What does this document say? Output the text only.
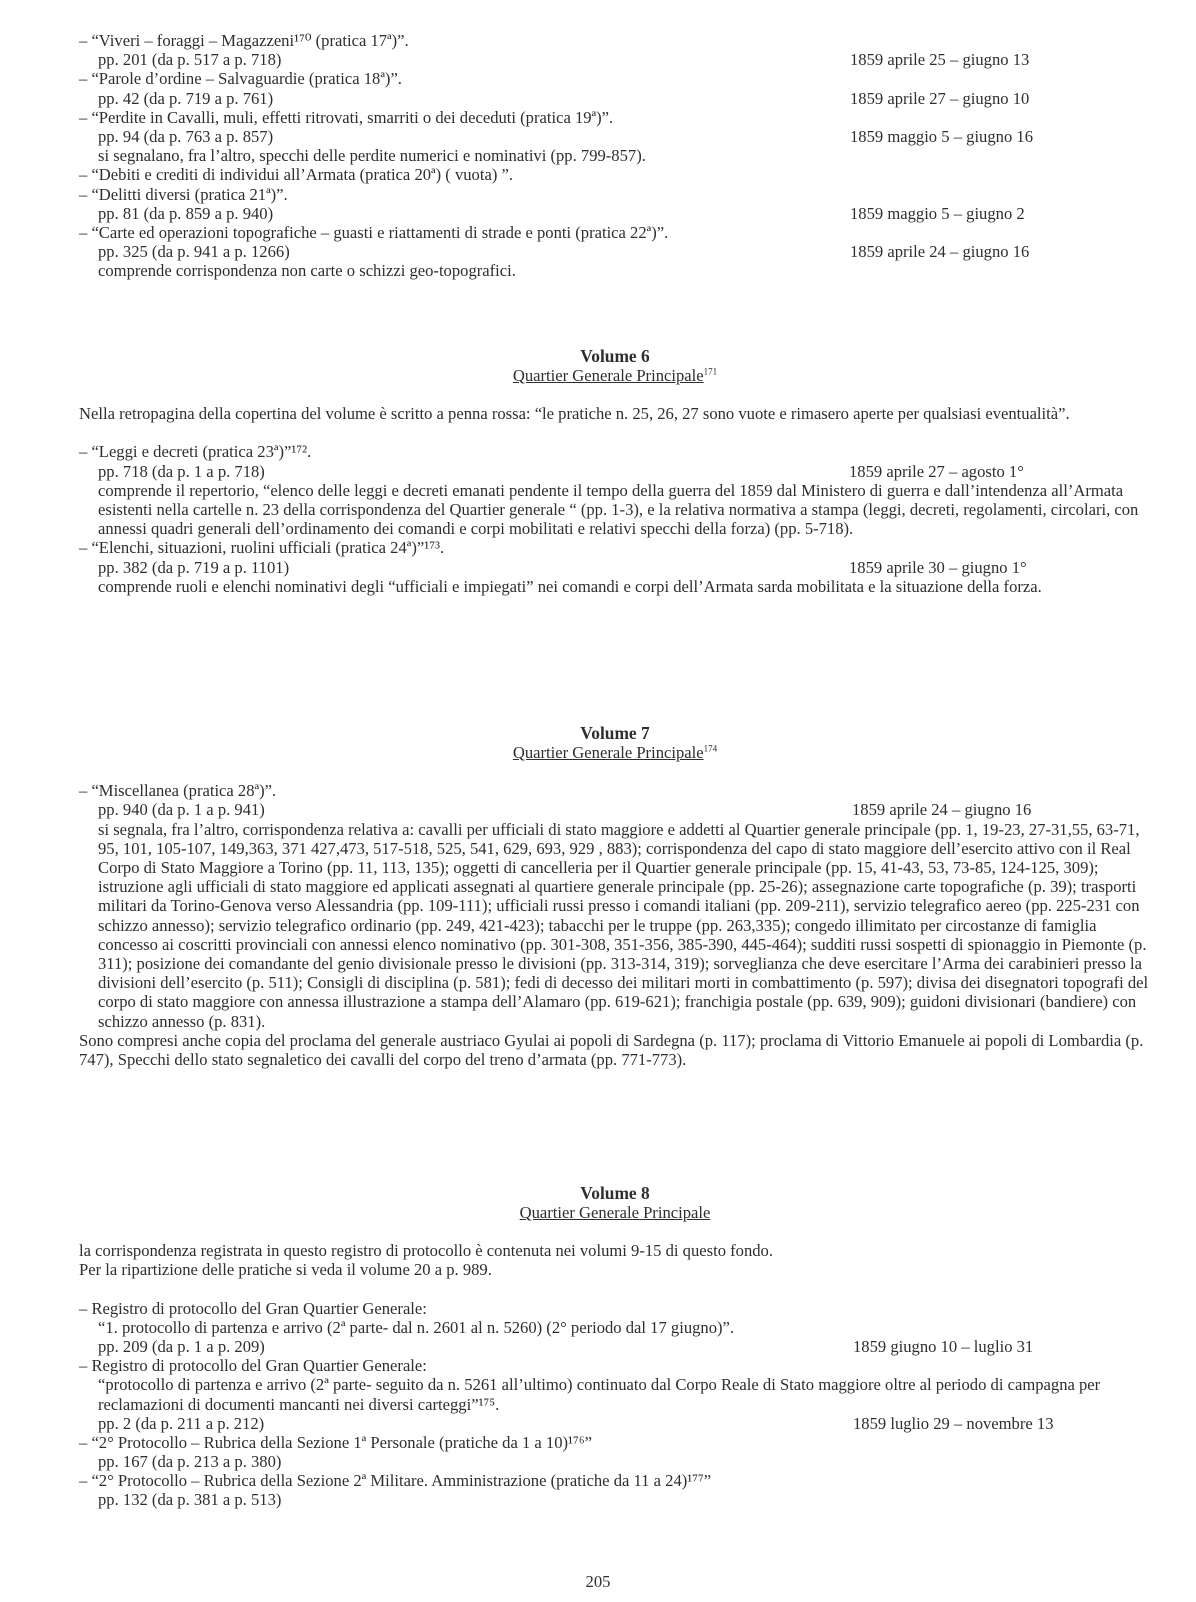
– “Viveri – foraggi – Magazzeni¹⁷⁰ (pratica 17ª)”.
pp. 201 (da p. 517 a p. 718)	1859 aprile 25 – giugno 13
– “Parole d’ordine – Salvaguardie (pratica 18ª)”.
pp. 42 (da p. 719 a p. 761)	1859 aprile 27 – giugno 10
– “Perdite in Cavalli, muli, effetti ritrovati, smarriti o dei deceduti (pratica 19ª)”.
pp. 94 (da p. 763 a p. 857)	1859 maggio 5 – giugno 16
si segnalano, fra l’altro, specchi delle perdite numerici e nominativi (pp. 799-857).
– “Debiti e crediti di individui all’Armata (pratica 20ª) ( vuota) ”.
– “Delitti diversi (pratica 21ª)”.
pp. 81 (da p. 859 a p. 940)	1859 maggio 5 – giugno 2
– “Carte ed operazioni topografiche – guasti e riattamenti di strade e ponti (pratica 22ª)”.
pp. 325 (da p. 941 a p. 1266)	1859 aprile 24 – giugno 16
comprende corrispondenza non carte o schizzi geo-topografici.
Volume 6
Quartier Generale Principale$^{171}$
Nella retropagina della copertina del volume è scritto a penna rossa: “le pratiche n. 25, 26, 27 sono vuote e rimasero aperte per qualsiasi eventualità”.
– “Leggi e decreti (pratica 23ª)”¹⁷².
pp. 718 (da p. 1 a p. 718)	1859 aprile 27 – agosto 1°
comprende il repertorio, “elenco delle leggi e decreti emanati pendente il tempo della guerra del 1859 dal Ministero di guerra e dall’intendenza all’Armata esistenti nella cartelle n. 23 della corrispondenza del Quartier generale “ (pp. 1-3), e la relativa normativa a stampa (leggi, decreti, regolamenti, circolari, con annessi quadri generali dell’ordinamento dei comandi e corpi mobilitati e relativi specchi della forza) (pp. 5-718).
– “Elenchi, situazioni, ruolini ufficiali (pratica 24ª)”¹⁷³.
pp. 382 (da p. 719 a p. 1101)	1859 aprile 30 – giugno 1°
comprende ruoli e elenchi nominativi degli “ufficiali e impiegati” nei comandi e corpi dell’Armata sarda mobilitata e la situazione della forza.
Volume 7
Quartier Generale Principale$^{174}$
– “Miscellanea (pratica 28ª)”.
pp. 940 (da p. 1 a p. 941)	1859 aprile 24 – giugno 16
si segnala, fra l’altro, corrispondenza relativa a: cavalli per ufficiali di stato maggiore e addetti al Quartier generale principale (pp. 1, 19-23, 27-31,55, 63-71, 95, 101, 105-107, 149,363, 371 427,473, 517-518, 525, 541, 629, 693, 929 , 883); corrispondenza del capo di stato maggiore dell’esercito attivo con il Real Corpo di Stato Maggiore a Torino (pp. 11, 113, 135); oggetti di cancelleria per il Quartier generale principale (pp. 15, 41-43, 53, 73-85, 124-125, 309); istruzione agli ufficiali di stato maggiore ed applicati assegnati al quartiere generale principale (pp. 25-26); assegnazione carte topografiche (p. 39); trasporti militari da Torino-Genova verso Alessandria (pp. 109-111); ufficiali russi presso i comandi italiani (pp. 209-211), servizio telegrafico aereo (pp. 225-231 con schizzo annesso); servizio telegrafico ordinario (pp. 249, 421-423); tabacchi per le truppe (pp. 263,335); congedo illimitato per circostanze di famiglia concesso ai coscritti provinciali con annessi elenco nominativo (pp. 301-308, 351-356, 385-390, 445-464); sudditi russi sospetti di spionaggio in Piemonte (p. 311); posizione dei comandante del genio divisionale presso le divisioni (pp. 313-314, 319); sorveglianza che deve esercitare l’Arma dei carabinieri presso la divisioni dell’esercito (p. 511); Consigli di disciplina (p. 581); fedi di decesso dei militari morti in combattimento (p. 597); divisa dei disegnatori topografi del corpo di stato maggiore con annessa illustrazione a stampa dell’Alamaro (pp. 619-621); franchigia postale (pp. 639, 909); guidoni divisionari (bandiere) con schizzo annesso (p. 831).
Sono compresi anche copia del proclama del generale austriaco Gyulai ai popoli di Sardegna (p. 117); proclama di Vittorio Emanuele ai popoli di Lombardia (p. 747), Specchi dello stato segnaletico dei cavalli del corpo del treno d’armata (pp. 771-773).
Volume 8
Quartier Generale Principale
la corrispondenza registrata in questo registro di protocollo è contenuta nei volumi 9-15 di questo fondo.
Per la ripartizione delle pratiche si veda il volume 20 a p. 989.
– Registro di protocollo del Gran Quartier Generale:
“1. protocollo di partenza e arrivo (2ª parte- dal n. 2601 al n. 5260) (2° periodo dal 17 giugno)”.
pp. 209 (da p. 1 a p. 209)	1859 giugno 10 – luglio 31
– Registro di protocollo del Gran Quartier Generale:
“protocollo di partenza e arrivo (2ª parte- seguito da n. 5261 all’ultimo) continuato dal Corpo Reale di Stato maggiore oltre al periodo di campagna per reclamazioni di documenti mancanti nei diversi carteggi”¹⁷⁵.
pp. 2 (da p. 211 a p. 212)	1859 luglio 29 – novembre 13
– “2° Protocollo – Rubrica della Sezione 1ª Personale (pratiche da 1 a 10)¹⁷⁶”
pp. 167 (da p. 213 a p. 380)
– “2° Protocollo – Rubrica della Sezione 2ª Militare. Amministrazione (pratiche da 11 a 24)¹⁷⁷”
pp. 132 (da p. 381 a p. 513)
205
